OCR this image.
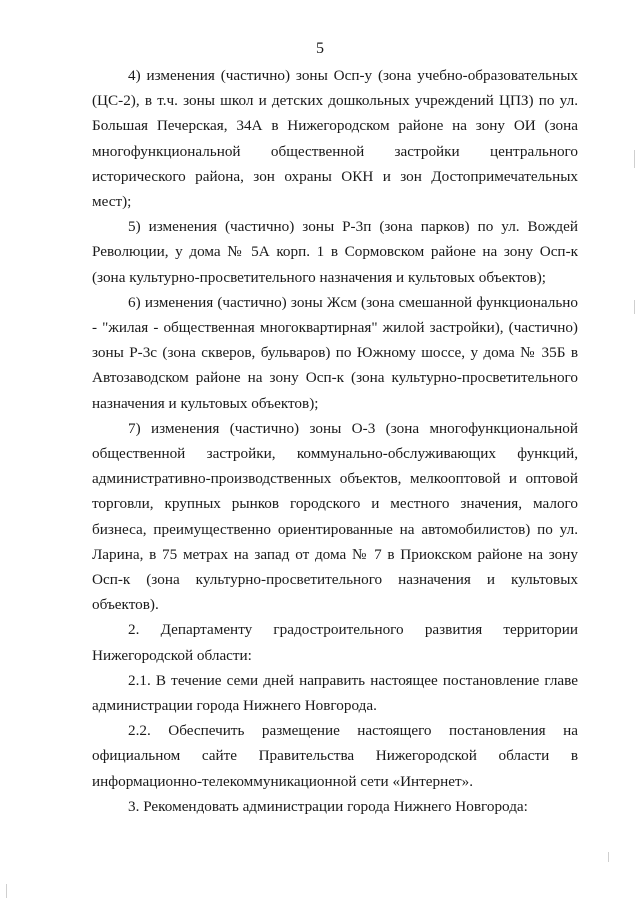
5

4) изменения (частично) зоны Осп-у (зона учебно-образовательных (ЦС-2), в т.ч. зоны школ и детских дошкольных учреждений ЦПЗ) по ул. Большая Печерская, 34А в Нижегородском районе на зону ОИ (зона многофункциональной общественной застройки центрального исторического района, зон охраны ОКН и зон Достопримечательных мест);

5) изменения (частично) зоны Р-3п (зона парков) по ул. Вождей Революции, у дома № 5А корп. 1 в Сормовском районе на зону Осп-к (зона культурно-просветительного назначения и культовых объектов);

6) изменения (частично) зоны Жсм (зона смешанной функционально - "жилая - общественная многоквартирная" жилой застройки), (частично) зоны Р-3с (зона скверов, бульваров) по Южному шоссе, у дома № 35Б в Автозаводском районе на зону Осп-к (зона культурно-просветительного назначения и культовых объектов);

7) изменения (частично) зоны О-3 (зона многофункциональной общественной застройки, коммунально-обслуживающих функций, административно-производственных объектов, мелкооптовой и оптовой торговли, крупных рынков городского и местного значения, малого бизнеса, преимущественно ориентированные на автомобилистов) по ул. Ларина, в 75 метрах на запад от дома № 7 в Приокском районе на зону Осп-к (зона культурно-просветительного назначения и культовых объектов).

2. Департаменту градостроительного развития территории Нижегородской области:

2.1. В течение семи дней направить настоящее постановление главе администрации города Нижнего Новгорода.

2.2. Обеспечить размещение настоящего постановления на официальном сайте Правительства Нижегородской области в информационно-телекоммуникационной сети «Интернет».

3. Рекомендовать администрации города Нижнего Новгорода:
